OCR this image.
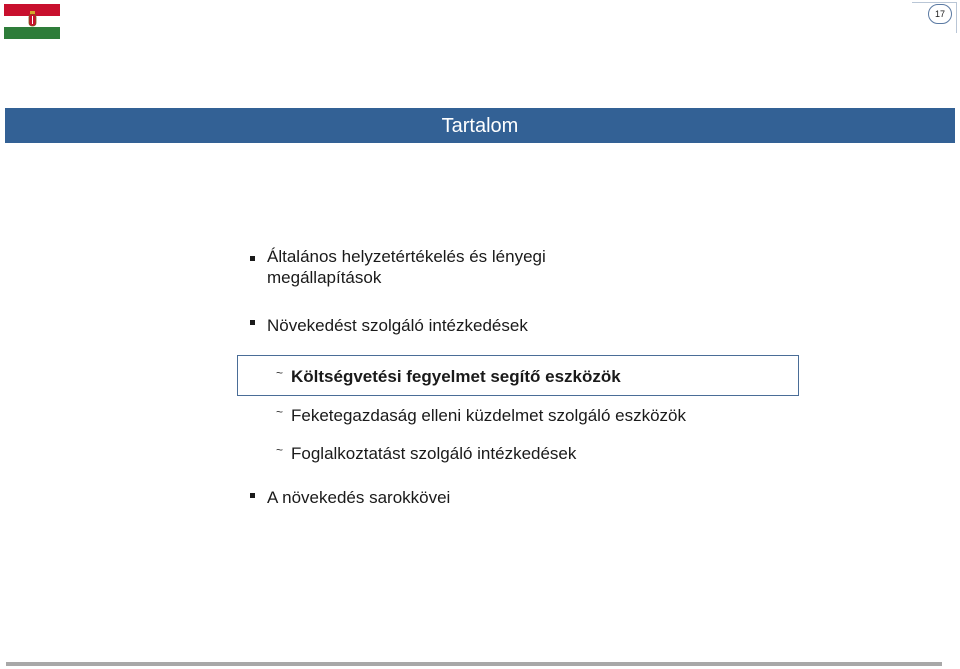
17
Tartalom
Általános helyzetértékelés és lényegi
megállapítások
Növekedést szolgáló intézkedések
~ Költségvetési fegyelmet segítő eszközök
~ Feketegazdaság elleni küzdelmet szolgáló eszközök
~ Foglalkoztatást szolgáló intézkedések
A növekedés sarokkövei
